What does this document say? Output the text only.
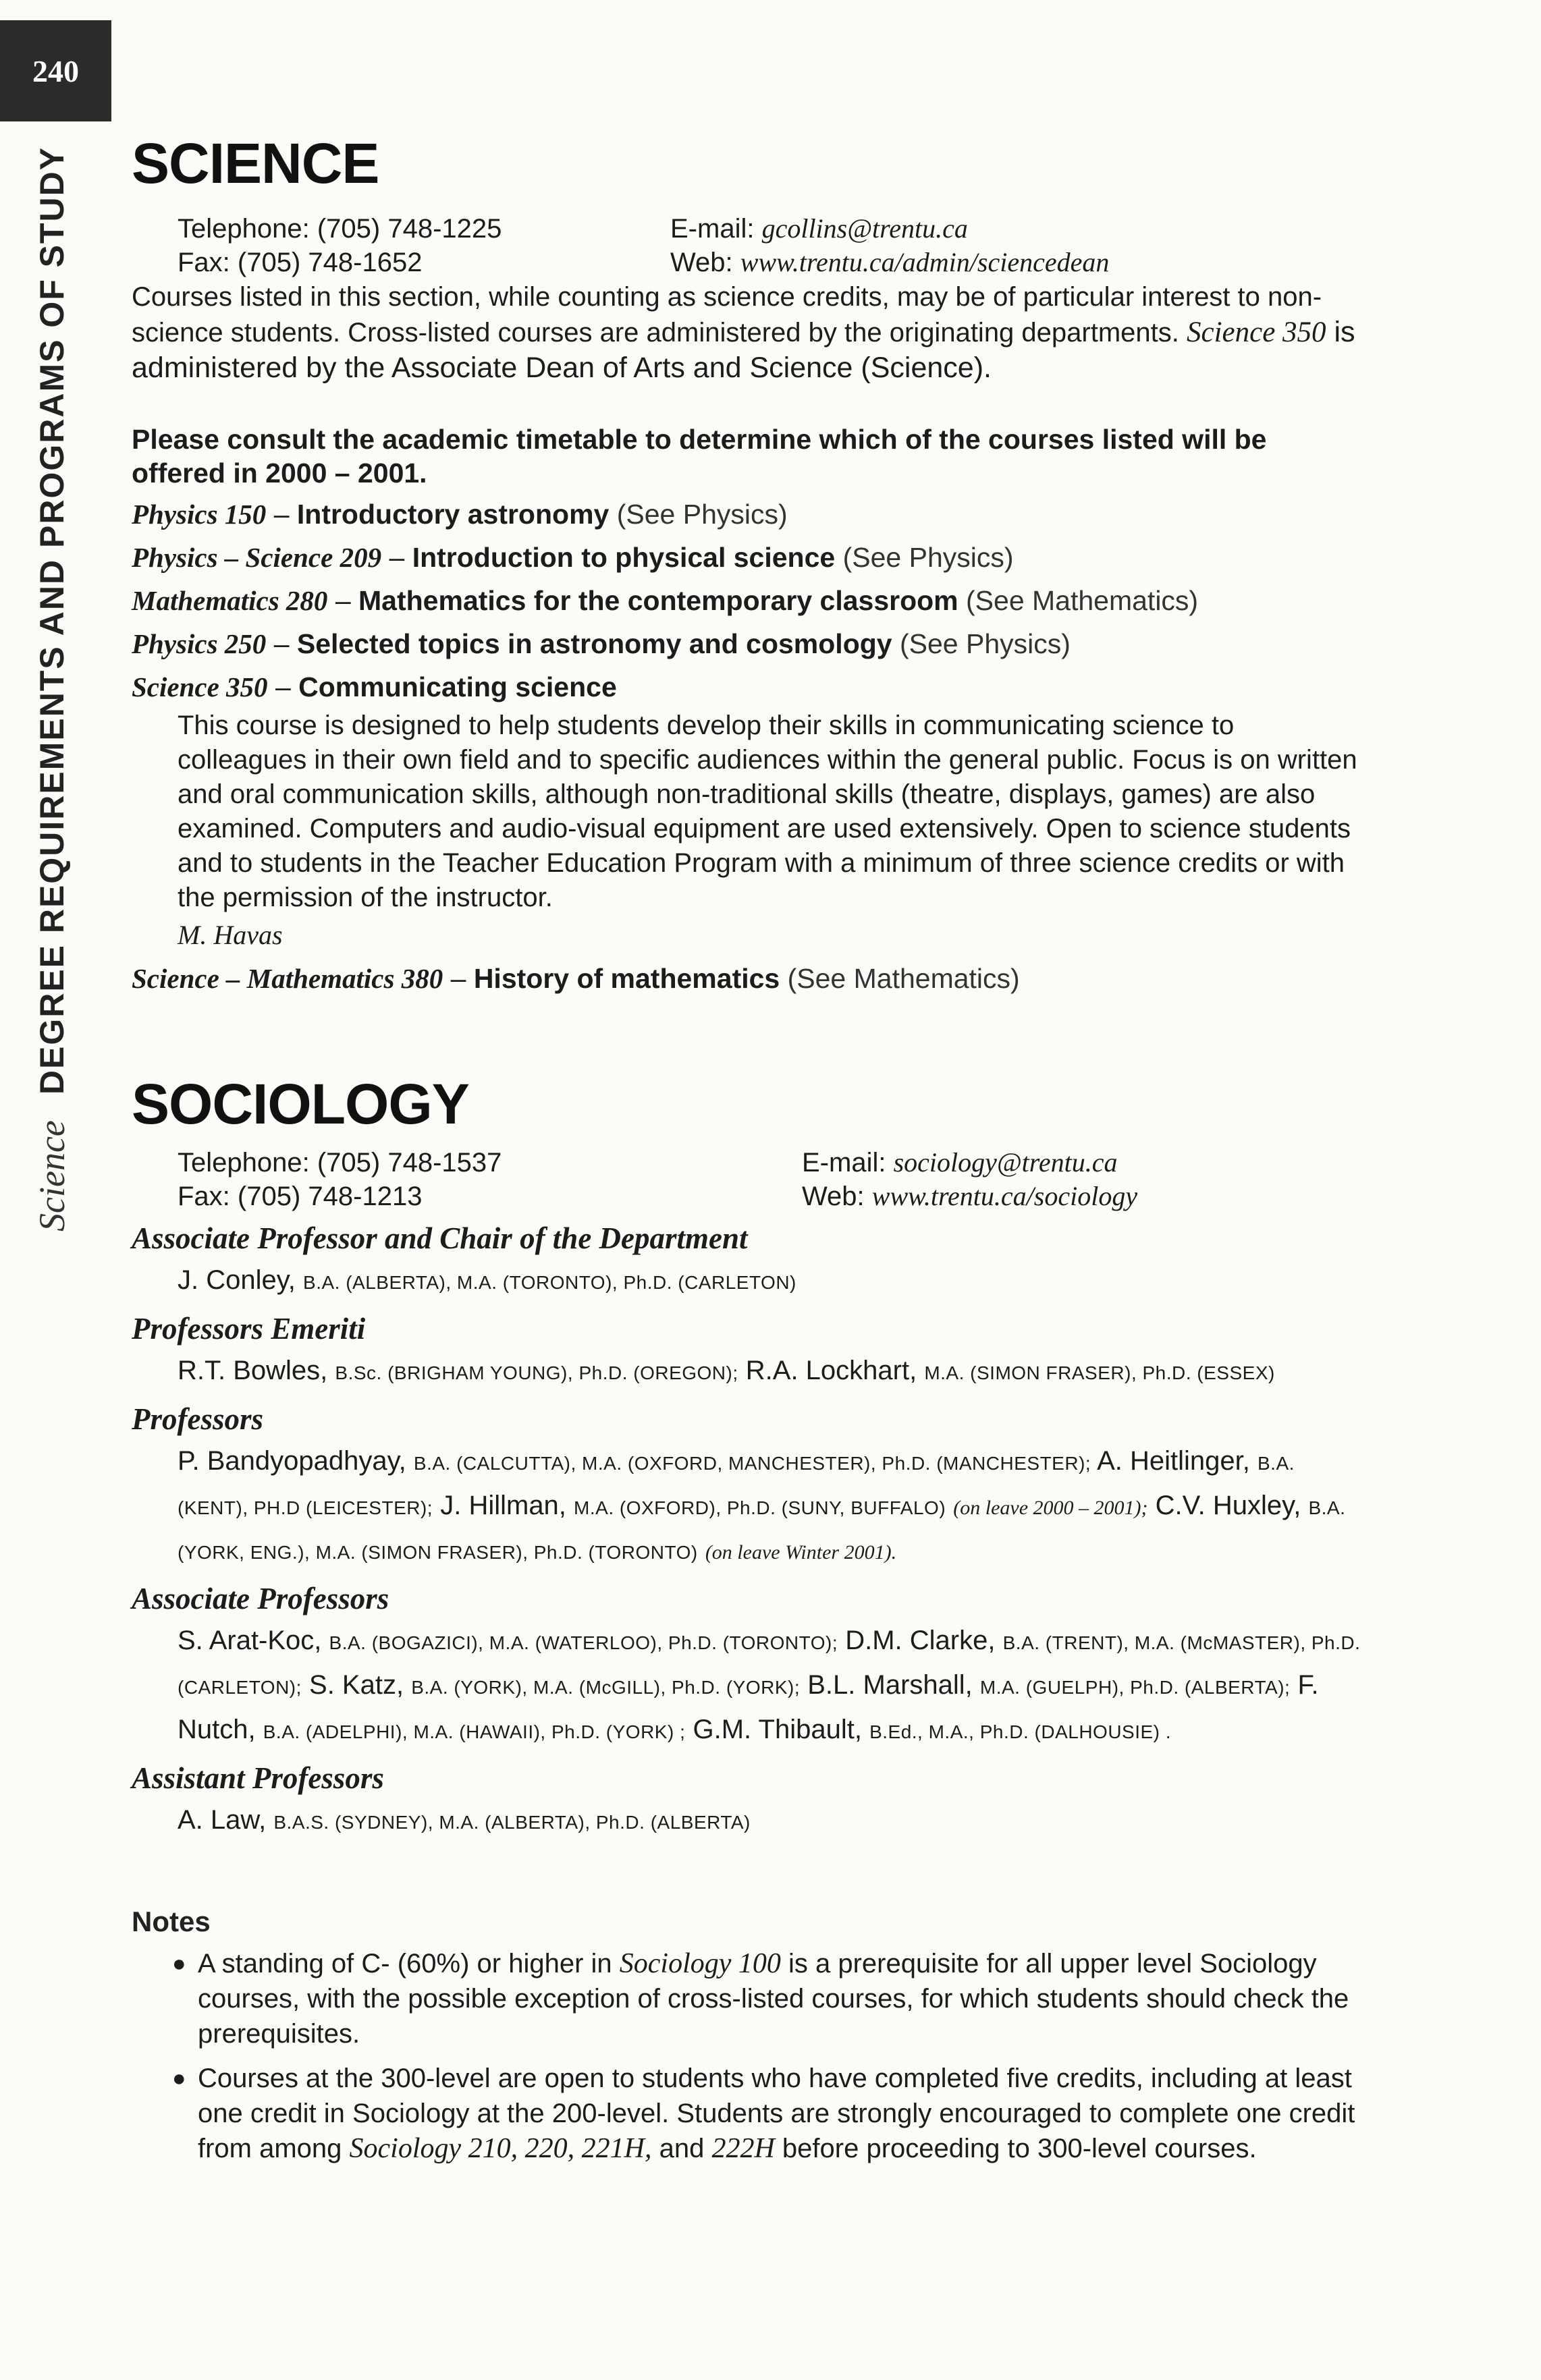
240
Science
DEGREE REQUIREMENTS AND PROGRAMS OF STUDY SCIENCE
Telephone: (705) 748-1225
Fax: (705) 748-1652
E-mail: gcollins@trentu.ca
Web: www.trentu.ca/admin/sciencedean

Courses listed in this section, while counting as science credits, may be of particular interest to non-science students. Cross-listed courses are administered by the originating departments. Science 350 is administered by the Associate Dean of Arts and Science (Science).

Please consult the academic timetable to determine which of the courses listed will be offered in 2000 – 2001.

Physics 150 – Introductory astronomy (See Physics)

Physics – Science 209 – Introduction to physical science (See Physics)

Mathematics 280 – Mathematics for the contemporary classroom (See Mathematics)

Physics 250 – Selected topics in astronomy and cosmology (See Physics)

Science 350 – Communicating science

This course is designed to help students develop their skills in communicating science to colleagues in their own field and to specific audiences within the general public. Focus is on written and oral communication skills, although non-traditional skills (theatre, displays, games) are also examined. Computers and audio-visual equipment are used extensively. Open to science students and to students in the Teacher Education Program with a minimum of three science credits or with the permission of the instructor.

M. Havas

Science – Mathematics 380 – History of mathematics (See Mathematics)

SOCIOLOGY
Telephone: (705) 748-1537
Fax: (705) 748-1213
E-mail: sociology@trentu.ca
Web: www.trentu.ca/sociology
Associate Professor and Chair of the Department
J. Conley, B.A. (ALBERTA), M.A. (TORONTO), Ph.D. (CARLETON)
Professors Emeriti
R.T. Bowles, B.Sc. (BRIGHAM YOUNG), Ph.D. (OREGON); R.A. Lockhart, M.A. (SIMON FRASER), Ph.D. (ESSEX)
Professors
P. Bandyopadhyay, B.A. (CALCUTTA), M.A. (OXFORD, MANCHESTER), Ph.D. (MANCHESTER); A. Heitlinger, B.A. (KENT), PH.D (LEICESTER); J. Hillman, M.A. (OXFORD), Ph.D. (SUNY, BUFFALO) (on leave 2000 – 2001); C.V. Huxley, B.A. (YORK, ENG.), M.A. (SIMON FRASER), Ph.D. (TORONTO) (on leave Winter 2001).
Associate Professors
S. Arat-Koc, B.A. (BOGAZICI), M.A. (WATERLOO), Ph.D. (TORONTO); D.M. Clarke, B.A. (TRENT), M.A. (McMASTER), Ph.D. (CARLETON); S. Katz, B.A. (YORK), M.A. (McGILL), Ph.D. (YORK); B.L. Marshall, M.A. (GUELPH), Ph.D. (ALBERTA); F. Nutch, B.A. (ADELPHI), M.A. (HAWAII), Ph.D. (YORK) ; G.M. Thibault, B.Ed., M.A., Ph.D. (DALHOUSIE) .
Assistant Professors
A. Law, B.A.S. (SYDNEY), M.A. (ALBERTA), Ph.D. (ALBERTA)
Notes
● A standing of C- (60%) or higher in Sociology 100 is a prerequisite for all upper level Sociology courses, with the possible exception of cross-listed courses, for which students should check the prerequisites.
● Courses at the 300-level are open to students who have completed five credits, including at least one credit in Sociology at the 200-level. Students are strongly encouraged to complete one credit from among Sociology 210, 220, 221H, and 222H before proceeding to 300-level courses.
